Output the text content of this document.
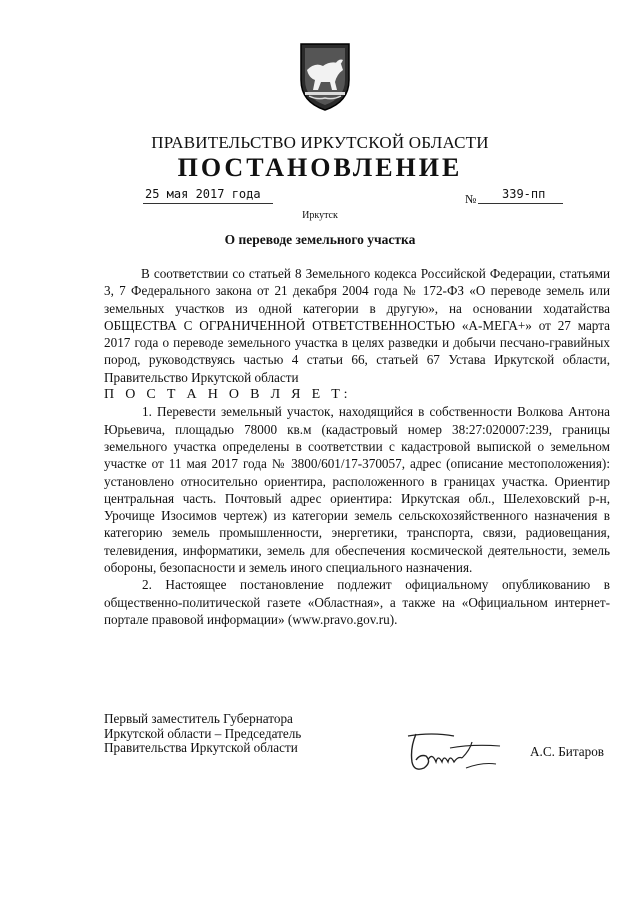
ПРАВИТЕЛЬСТВО ИРКУТСКОЙ ОБЛАСТИ
ПОСТАНОВЛЕНИЕ
25 мая 2017 года	№ 339-пп
Иркутск
О переводе земельного участка

В соответствии со статьей 8 Земельного кодекса Российской Федерации, статьями 3, 7 Федерального закона от 21 декабря 2004 года № 172-ФЗ «О переводе земель или земельных участков из одной категории в другую», на основании ходатайства ОБЩЕСТВА С ОГРАНИЧЕННОЙ ОТВЕТСТВЕННОСТЬЮ «А-МЕГА+» от 27 марта 2017 года о переводе земельного участка в целях разведки и добычи песчано-гравийных пород, руководствуясь частью 4 статьи 66, статьей 67 Устава Иркутской области, Правительство Иркутской области

П О С Т А Н О В Л Я Е Т:

1. Перевести земельный участок, находящийся в собственности Волкова Антона Юрьевича, площадью 78000 кв.м (кадастровый номер 38:27:020007:239, границы земельного участка определены в соответствии с кадастровой выпиской о земельном участке от 11 мая 2017 года № 3800/601/17-370057, адрес (описание местоположения): установлено относительно ориентира, расположенного в границах участка. Ориентир центральная часть. Почтовый адрес ориентира: Иркутская обл., Шелеховский р-н, Урочище Изосимов чертеж) из категории земель сельскохозяйственного назначения в категорию земель промышленности, энергетики, транспорта, связи, радиовещания, телевидения, информатики, земель для обеспечения космической деятельности, земель обороны, безопасности и земель иного специального назначения.

2. Настоящее постановление подлежит официальному опубликованию в общественно-политической газете «Областная», а также на «Официальном интернет-портале правовой информации» (www.pravo.gov.ru).

Первый заместитель Губернатора
Иркутской области – Председатель
Правительства Иркутской области	А.С. Битаров
